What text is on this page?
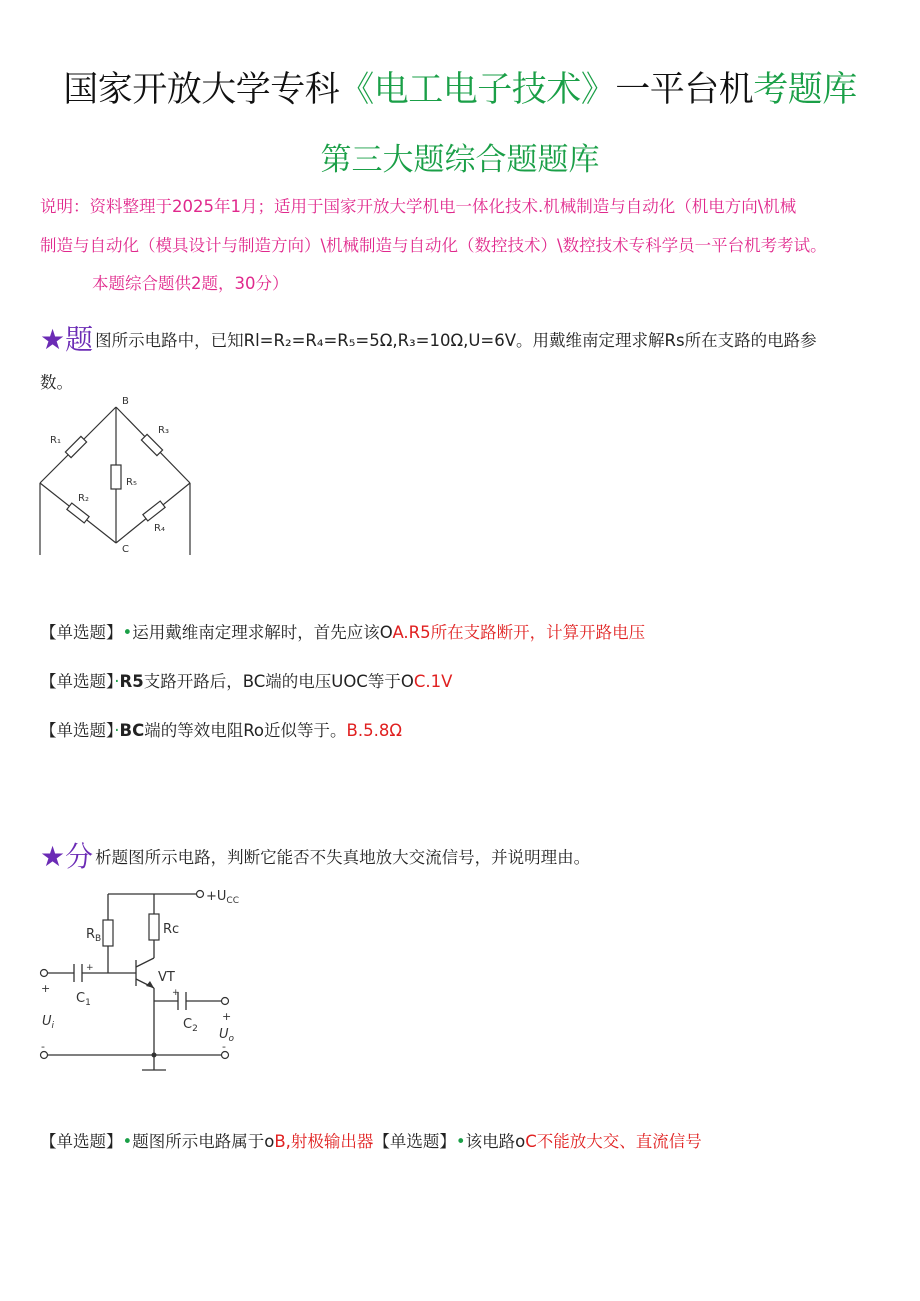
国家开放大学专科《电工电子技术》一平台机考题库
第三大题综合题题库
说明：资料整理于2025年1月；适用于国家开放大学机电一体化技术.机械制造与自动化（机电方向\机械
制造与自动化（模具设计与制造方向）\机械制造与自动化（数控技术）\数控技术专科学员一平台机考考试。
本题综合题供2题，30分）
★题 图所示电路中，已知Rl=R₂=R₄=R₅=5Ω,R₃=10Ω,U=6V。用戴维南定理求解Rs所在支路的电路参
数。
B
C
R₁
R₃
R₂
R₄
R₅
【单选题】•运用戴维南定理求解时，首先应该OA.R5所在支路断开，计算开路电压
【单选题】·R5支路开路后，BC端的电压UOC等于OC.1V
【单选题】·BC端的等效电阻Ro近似等于。B.5.8Ω
★分 析题图所示电路，判断它能否不失真地放大交流信号，并说明理由。
$+U_{CC}$
$R_B$
Rc
VT
$C_1$
$C_2$
$U_i$
$U_o$
+
-
+
-
+
+
【单选题】•题图所示电路属于oB,射极输出器【单选题】•该电路oC不能放大交、直流信号
